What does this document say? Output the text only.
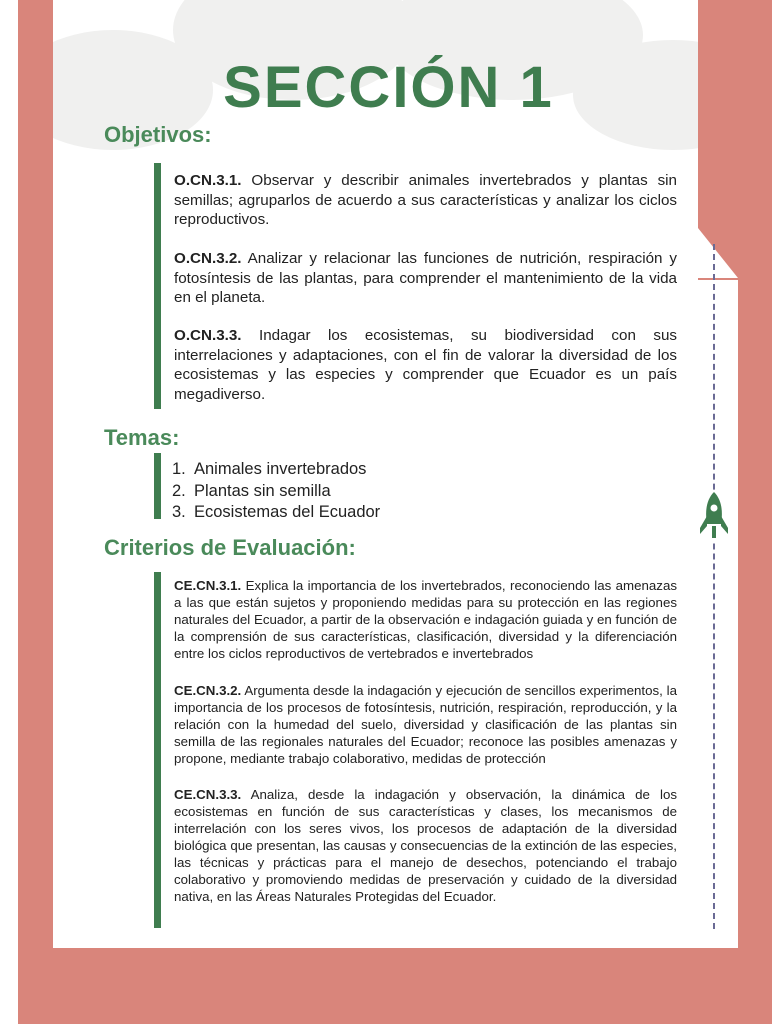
SECCIÓN 1
Objetivos:
O.CN.3.1. Observar y describir animales invertebrados y plantas sin semillas; agruparlos de acuerdo a sus características y analizar los ciclos reproductivos.
O.CN.3.2. Analizar y relacionar las funciones de nutrición, respiración y fotosíntesis de las plantas, para comprender el mantenimiento de la vida en el planeta.
O.CN.3.3. Indagar los ecosistemas, su biodiversidad con sus interrelaciones y adaptaciones, con el fin de valorar la diversidad de los ecosistemas y las especies y comprender que Ecuador es un país megadiverso.
Temas:
1. Animales invertebrados
2. Plantas sin semilla
3. Ecosistemas del Ecuador
Criterios de Evaluación:
CE.CN.3.1. Explica la importancia de los invertebrados, reconociendo las amenazas a las que están sujetos y proponiendo medidas para su protección en las regiones naturales del Ecuador, a partir de la observación e indagación guiada y en función de la comprensión de sus características, clasificación, diversidad y la diferenciación entre los ciclos reproductivos de vertebrados e invertebrados
CE.CN.3.2. Argumenta desde la indagación y ejecución de sencillos experimentos, la importancia de los procesos de fotosíntesis, nutrición, respiración, reproducción, y la relación con la humedad del suelo, diversidad y clasificación de las plantas sin semilla de las regionales naturales del Ecuador; reconoce las posibles amenazas y propone, mediante trabajo colaborativo, medidas de protección
CE.CN.3.3. Analiza, desde la indagación y observación, la dinámica de los ecosistemas en función de sus características y clases, los mecanismos de interrelación con los seres vivos, los procesos de adaptación de la diversidad biológica que presentan, las causas y consecuencias de la extinción de las especies, las técnicas y prácticas para el manejo de desechos, potenciando el trabajo colaborativo y promoviendo medidas de preservación y cuidado de la diversidad nativa, en las Áreas Naturales Protegidas del Ecuador.
